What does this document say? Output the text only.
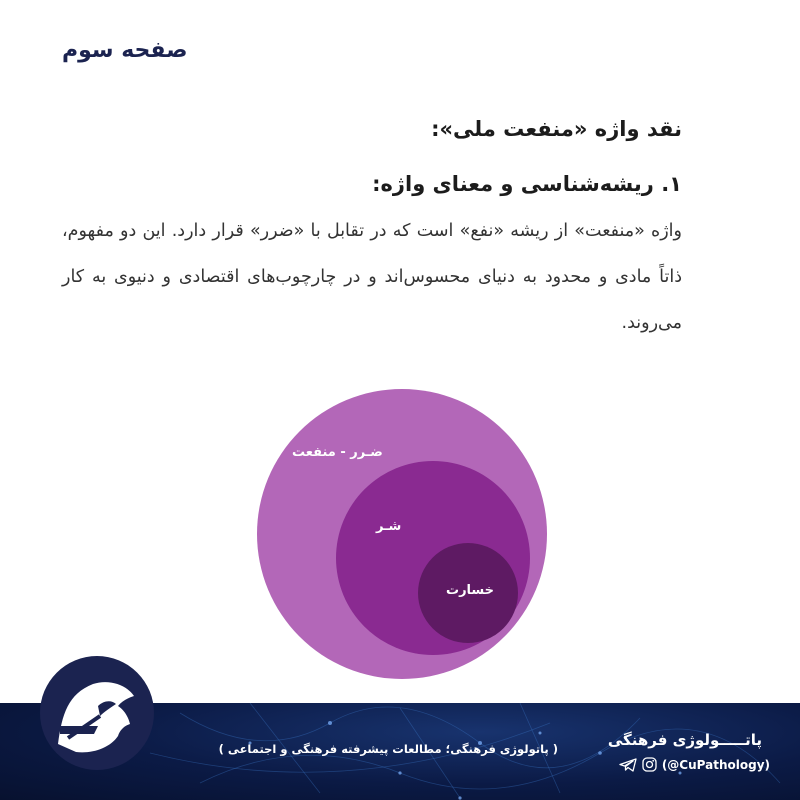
صفحه سوم
نقد واژه «منفعت ملی»:
۱. ریشه‌شناسی و معنای واژه:

واژه «منفعت» از ریشه «نفع» است که در تقابل با «ضرر» قرار دارد. این دو مفهوم، ذاتاً مادی و محدود به دنیای محسوس‌اند و در چارچوب‌های اقتصادی و دنیوی به کار می‌روند.

ضـرر - منفعت
شـر
خسارت
( پاتولوژی فرهنگی؛ مطالعات پیشرفته فرهنگی و اجتماعی )	پاتـــــولوژی فرهنگی
(@CuPathology)
